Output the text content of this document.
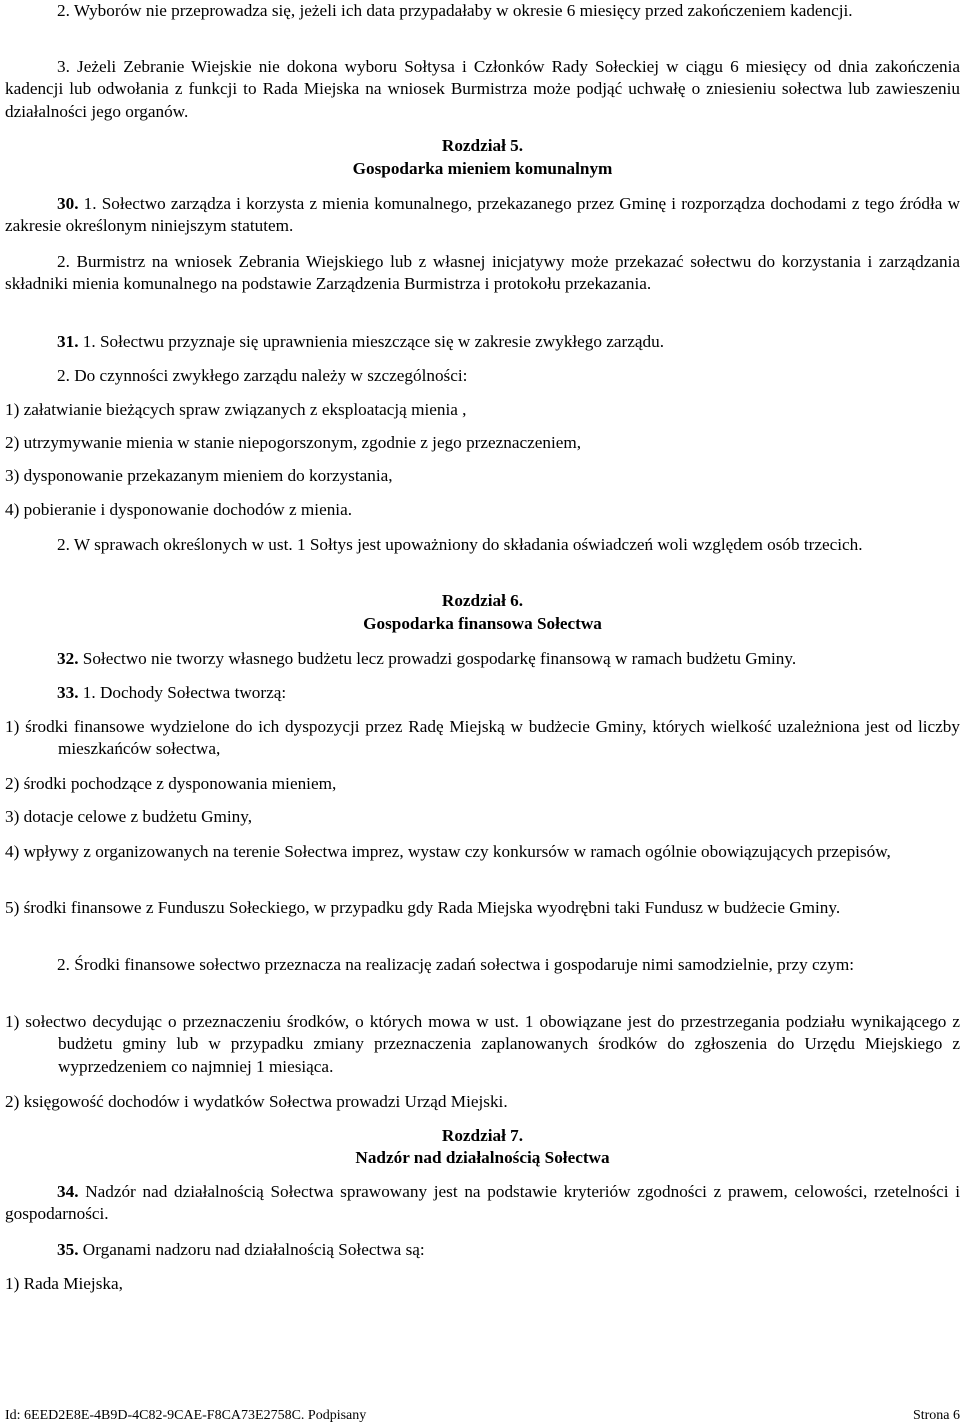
2. Wyborów nie przeprowadza się, jeżeli ich data przypadałaby w okresie 6 miesięcy przed zakończeniem kadencji.

3. Jeżeli Zebranie Wiejskie nie dokona wyboru Sołtysa i Członków Rady Sołeckiej w ciągu 6 miesięcy od dnia zakończenia kadencji lub odwołania z funkcji to Rada Miejska na wniosek Burmistrza może podjąć uchwałę o zniesieniu sołectwa lub zawieszeniu działalności jego organów.

Rozdział 5.

Gospodarka mieniem komunalnym

30. 1. Sołectwo zarządza i korzysta z mienia komunalnego, przekazanego przez Gminę i rozporządza dochodami z tego źródła w zakresie określonym niniejszym statutem.

2. Burmistrz na wniosek Zebrania Wiejskiego lub z własnej inicjatywy może przekazać sołectwu do korzystania i zarządzania składniki mienia komunalnego na podstawie Zarządzenia Burmistrza i protokołu przekazania.

31. 1. Sołectwu przyznaje się uprawnienia mieszczące się w zakresie zwykłego zarządu.

2. Do czynności zwykłego zarządu należy w szczególności:

1) załatwianie bieżących spraw związanych z eksploatacją mienia ,

2) utrzymywanie mienia w stanie niepogorszonym, zgodnie z jego przeznaczeniem,

3) dysponowanie przekazanym mieniem do korzystania,

4) pobieranie i dysponowanie dochodów z mienia.

2. W sprawach określonych w ust. 1 Sołtys jest upoważniony do składania oświadczeń woli względem osób trzecich.

Rozdział 6.

Gospodarka finansowa Sołectwa

32. Sołectwo nie tworzy własnego budżetu lecz prowadzi gospodarkę finansową w ramach budżetu Gminy.

33. 1. Dochody Sołectwa tworzą:

1) środki finansowe wydzielone do ich dyspozycji przez Radę Miejską w budżecie Gminy, których wielkość uzależniona jest od liczby mieszkańców sołectwa,

2) środki pochodzące z dysponowania mieniem,

3) dotacje celowe z budżetu Gminy,

4) wpływy z organizowanych na terenie Sołectwa imprez, wystaw czy konkursów w ramach ogólnie obowiązujących przepisów,

5) środki finansowe z Funduszu Sołeckiego, w przypadku gdy Rada Miejska wyodrębni taki Fundusz w budżecie Gminy.

2. Środki finansowe sołectwo przeznacza na realizację zadań sołectwa i gospodaruje nimi samodzielnie, przy czym:

1) sołectwo decydując o przeznaczeniu środków, o których mowa w ust. 1 obowiązane jest do przestrzegania podziału wynikającego z budżetu gminy lub w przypadku zmiany przeznaczenia zaplanowanych środków do zgłoszenia do Urzędu Miejskiego z wyprzedzeniem co najmniej 1 miesiąca.

2) księgowość dochodów i wydatków Sołectwa prowadzi Urząd Miejski.

Rozdział 7.

Nadzór nad działalnością Sołectwa

34. Nadzór nad działalnością Sołectwa sprawowany jest na podstawie kryteriów zgodności z prawem, celowości, rzetelności i gospodarności.

35. Organami nadzoru nad działalnością Sołectwa są:

1) Rada Miejska,

Id: 6EED2E8E-4B9D-4C82-9CAE-F8CA73E2758C. Podpisany	Strona 6
